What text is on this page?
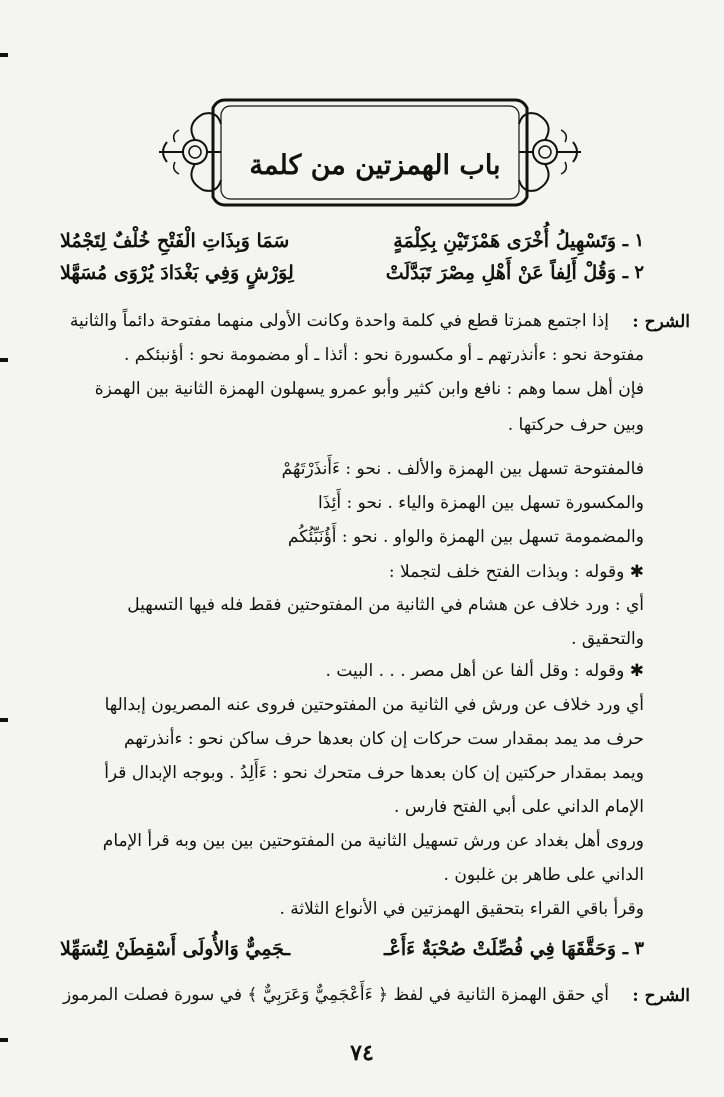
باب الهمزتين من كلمة
١ ـ
وَتَسْهِيلُ أُخْرَى هَمْزَتَيْنِ بِكِلْمَةٍ
سَمَا وَبِذَاتِ الْفَتْحِ خُلْفٌ لِتَجْمُلا
٢ ـ
وَقُلْ أَلِفاً عَنْ أَهْلِ مِصْرَ تَبَدَّلَتْ
لِوَرْشٍ وَفِي بَغْدَادَ يُرْوَى مُسَهَّلا
الشرح :
إذا اجتمع همزتا قطع في كلمة واحدة وكانت الأولى منهما مفتوحة دائماً والثانية
مفتوحة نحو : ءأنذرتهم ـ أو مكسورة نحو : أئذا ـ أو مضمومة نحو : أؤنبئكم .
فإن أهل سما وهم : نافع وابن كثير وأبو عمرو يسهلون الهمزة الثانية بين الهمزة
وبين حرف حركتها .
فالمفتوحة تسهل بين الهمزة والألف . نحو : ءَأَنذَرْتَهُمْ
والمكسورة تسهل بين الهمزة والياء . نحو : أَئِذَا
والمضمومة تسهل بين الهمزة والواو . نحو : أَؤُنَبِّئُكُم
✱ وقوله : وبذات الفتح خلف لتجملا :
أي : ورد خلاف عن هشام في الثانية من المفتوحتين فقط فله فيها التسهيل
والتحقيق .
✱ وقوله : وقل ألفا عن أهل مصر . . . البيت .
أي ورد خلاف عن ورش في الثانية من المفتوحتين فروى عنه المصريون إبدالها
حرف مد يمد بمقدار ست حركات إن كان بعدها حرف ساكن نحو : ءأنذرتهم
ويمد بمقدار حركتين إن كان بعدها حرف متحرك نحو : ءَأَلِدُ . وبوجه الإبدال قرأ
الإمام الداني على أبي الفتح فارس .
وروى أهل بغداد عن ورش تسهيل الثانية من المفتوحتين بين بين وبه قرأ الإمام
الداني على طاهر بن غلبون .
وقرأ باقي القراء بتحقيق الهمزتين في الأنواع الثلاثة .
٣ ـ
وَحَقَّقَهَا فِي فُصِّلَتْ صُحْبَةٌ ءَأَعْـ
ـجَمِيٌّ وَالأُولَى أَسْقِطَنْ لِتُسَهِّلا
الشرح :
أي حقق الهمزة الثانية في لفظ ﴿ ءَأَعْجَمِيٌّ وَعَرَبِيٌّ ﴾ في سورة فصلت المرموز
٧٤
